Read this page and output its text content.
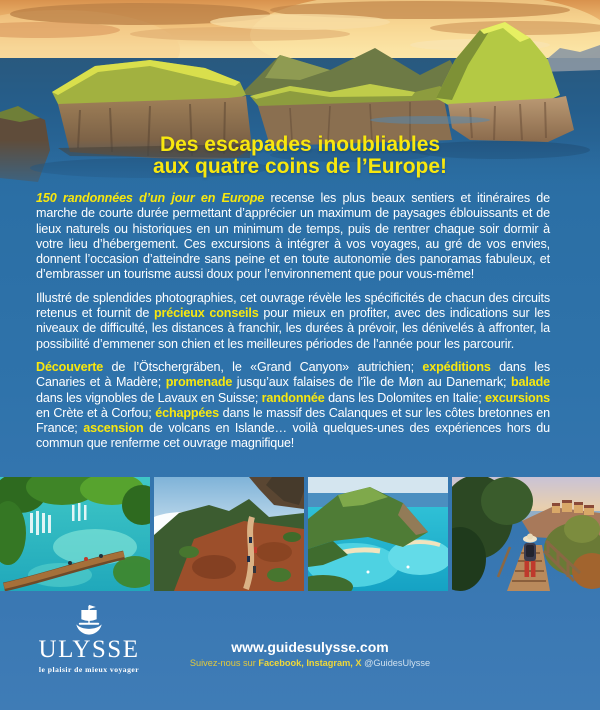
Des escapades inoubliables
aux quatre coins de l’Europe!

150 randonnées d’un jour en Europe recense les plus beaux sentiers et itinéraires de marche de courte durée permettant d’apprécier un maximum de paysages éblouissants et de lieux naturels ou historiques en un minimum de temps, puis de rentrer chaque soir dormir à votre lieu d’hébergement. Ces excursions à intégrer à vos voyages, au gré de vos envies, donnent l’occasion d’atteindre sans peine et en toute autonomie des panoramas fabuleux, et d’embrasser un tourisme aussi doux pour l’environnement que pour vous-même!

Illustré de splendides photographies, cet ouvrage révèle les spécificités de chacun des circuits retenus et fournit de précieux conseils pour mieux en profiter, avec des indications sur les niveaux de difficulté, les distances à franchir, les durées à prévoir, les dénivelés à affronter, la possibilité d’emmener son chien et les meilleures périodes de l’année pour les parcourir.

Découverte de l’Ötschergräben, le «Grand Canyon» autrichien; expéditions dans les Canaries et à Madère; promenade jusqu’aux falaises de l’île de Møn au Danemark; balade dans les vignobles de Lavaux en Suisse; randonnée dans les Dolomites en Italie; excursions en Crète et à Corfou; échappées dans le massif des Calanques et sur les côtes bretonnes en France; ascension de volcans en Islande… voilà quelques-unes des expériences hors du commun que renferme cet ouvrage magnifique!

ULYSSE
le plaisir de mieux voyager
www.guidesulysse.com
Suivez-nous sur Facebook, Instagram, X @GuidesUlysse
